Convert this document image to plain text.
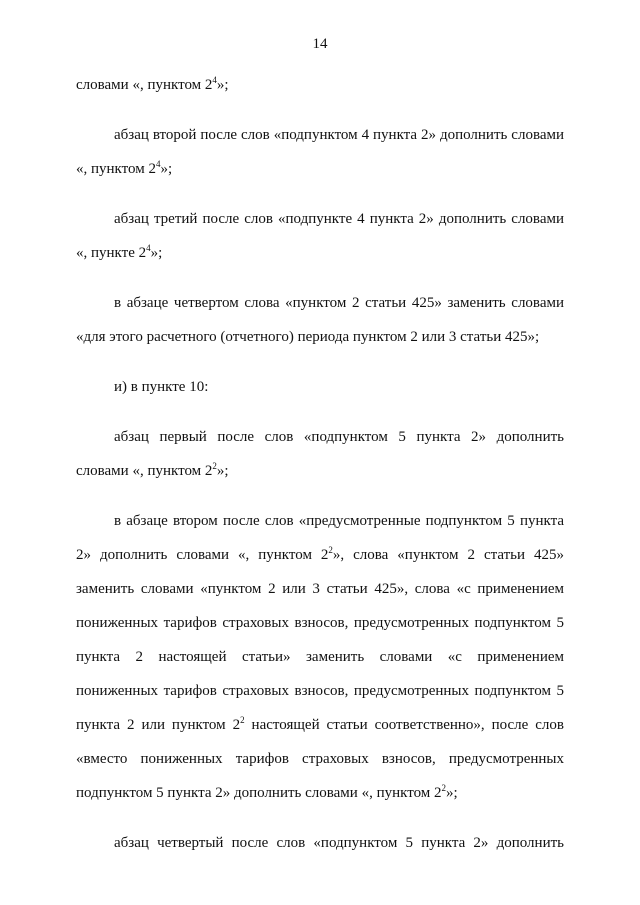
14

словами «, пунктом $2^4$»;

абзац второй после слов «подпунктом 4 пункта 2» дополнить словами «, пунктом $2^4$»;

абзац третий после слов «подпункте 4 пункта 2» дополнить словами «, пункте $2^4$»;

в абзаце четвертом слова «пунктом 2 статьи 425» заменить словами «для этого расчетного (отчетного) периода пунктом 2 или 3 статьи 425»;

и) в пункте 10:

абзац первый после слов «подпунктом 5 пункта 2» дополнить словами «, пунктом $2^2$»;

в абзаце втором после слов «предусмотренные подпунктом 5 пункта 2» дополнить словами «, пунктом $2^2$», слова «пунктом 2 статьи 425» заменить словами «пунктом 2 или 3 статьи 425», слова «с применением пониженных тарифов страховых взносов, предусмотренных подпунктом 5 пункта 2 настоящей статьи» заменить словами «с применением пониженных тарифов страховых взносов, предусмотренных подпунктом 5 пункта 2 или пунктом $2^2$ настоящей статьи соответственно», после слов «вместо пониженных тарифов страховых взносов, предусмотренных подпунктом 5 пункта 2» дополнить словами «, пунктом $2^2$»;

абзац четвертый после слов «подпунктом 5 пункта 2» дополнить
